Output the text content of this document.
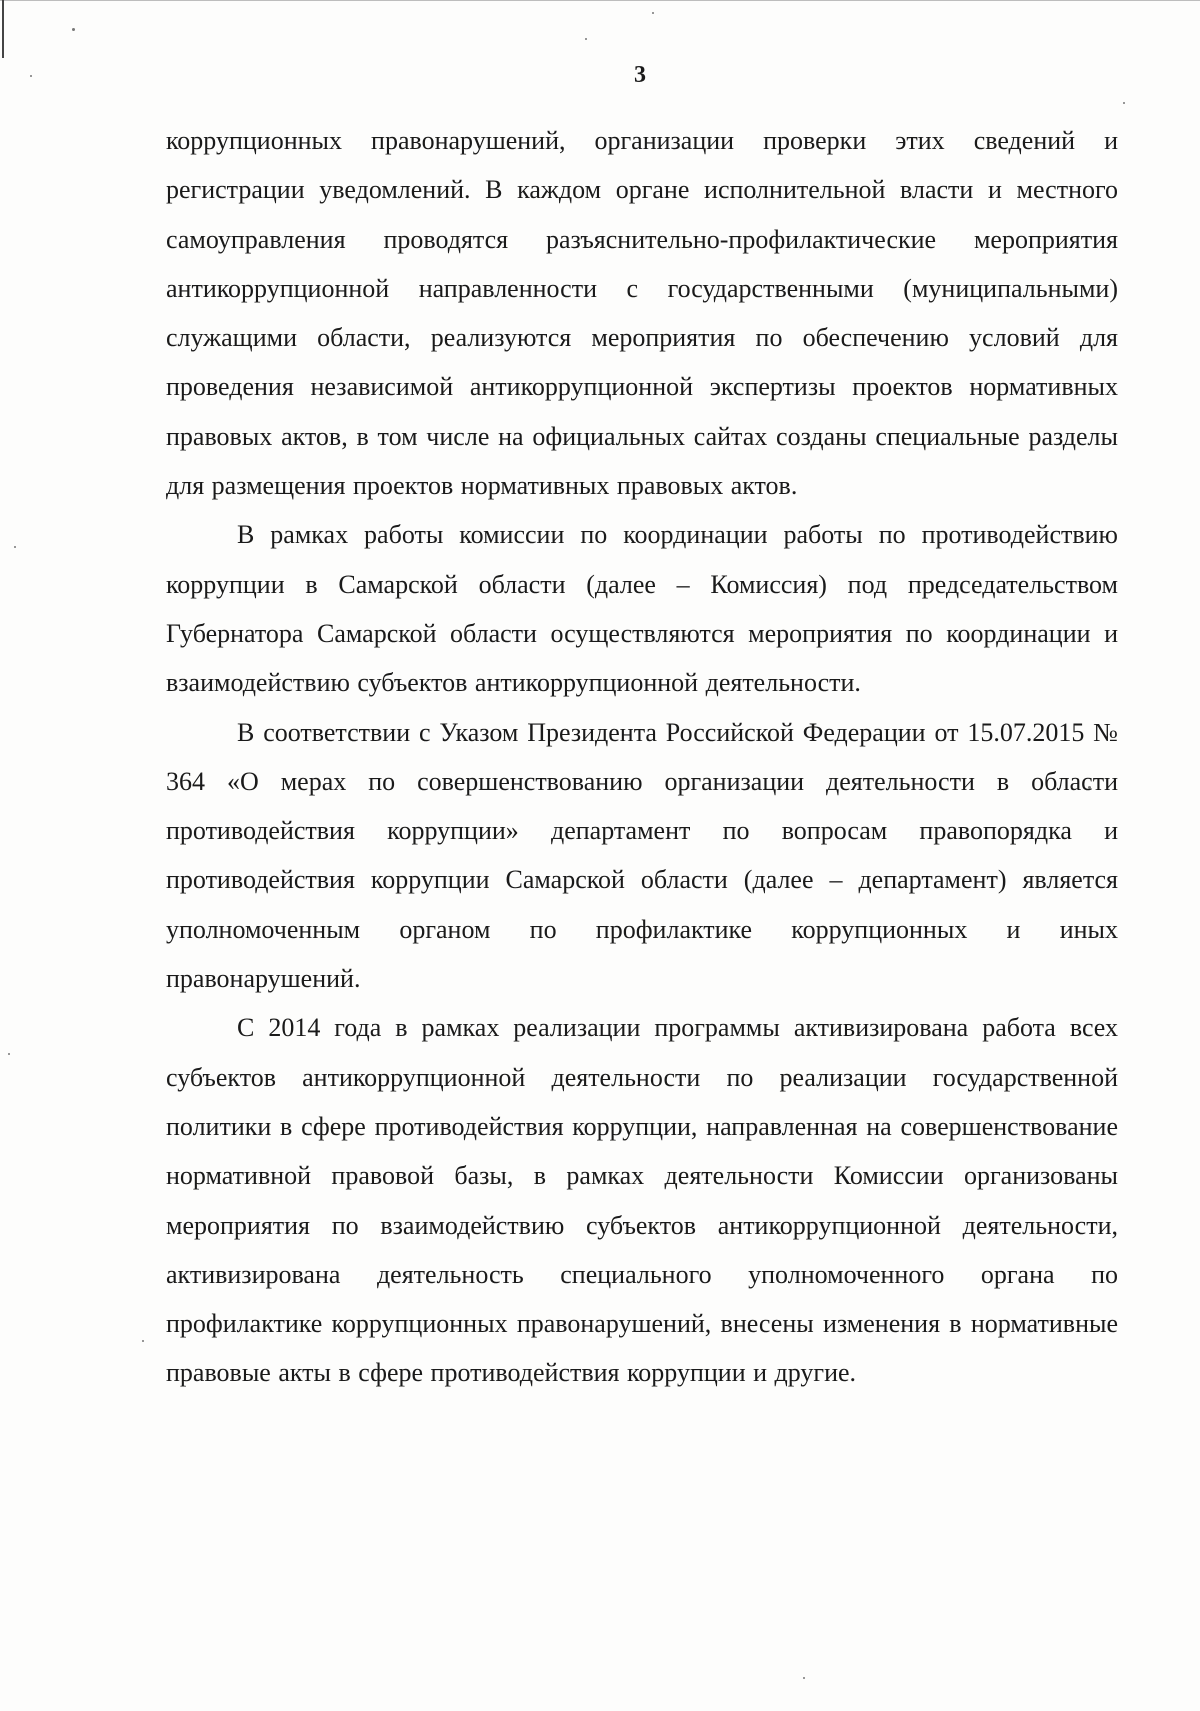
3

коррупционных правонарушений, организации проверки этих сведений и регистрации уведомлений. В каждом органе исполнительной власти и местного самоуправления проводятся разъяснительно-профилактические мероприятия антикоррупционной направленности с государственными (муниципальными) служащими области, реализуются мероприятия по обеспечению условий для проведения независимой антикоррупционной экспертизы проектов нормативных правовых актов, в том числе на официальных сайтах созданы специальные разделы для размещения проектов нормативных правовых актов.

В рамках работы комиссии по координации работы по противодействию коррупции в Самарской области (далее – Комиссия) под председательством Губернатора Самарской области осуществляются мероприятия по координации и взаимодействию субъектов антикоррупционной деятельности.

В соответствии с Указом Президента Российской Федерации от 15.07.2015 № 364 «О мерах по совершенствованию организации деятельности в области противодействия коррупции» департамент по вопросам правопорядка и противодействия коррупции Самарской области (далее – департамент) является уполномоченным органом по профилактике коррупционных и иных правонарушений.

С 2014 года в рамках реализации программы активизирована работа всех субъектов антикоррупционной деятельности по реализации государственной политики в сфере противодействия коррупции, направленная на совершенствование нормативной правовой базы, в рамках деятельности Комиссии организованы мероприятия по взаимодействию субъектов антикоррупционной деятельности, активизирована деятельность специального уполномоченного органа по профилактике коррупционных правонарушений, внесены изменения в нормативные правовые акты в сфере противодействия коррупции и другие.
